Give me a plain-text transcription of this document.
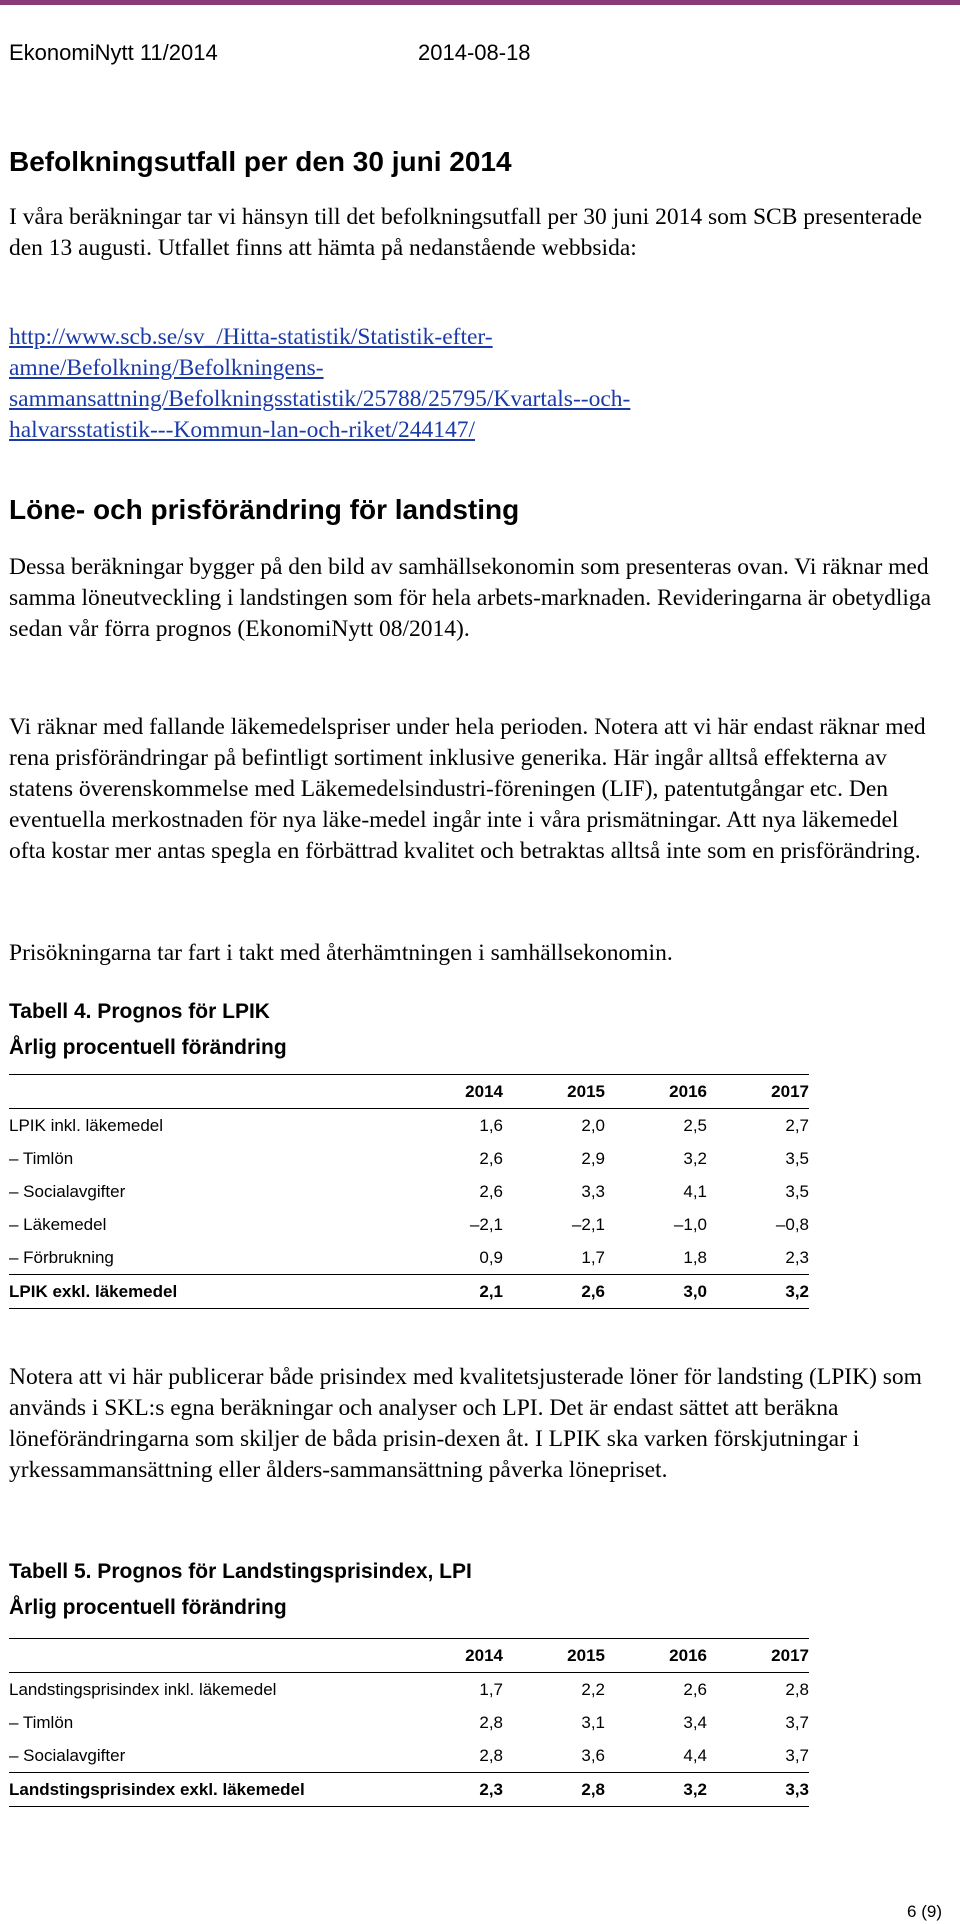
EkonomiNytt 11/2014	2014-08-18
Befolkningsutfall per den 30 juni 2014

I våra beräkningar tar vi hänsyn till det befolkningsutfall per 30 juni 2014 som SCB presenterade den 13 augusti. Utfallet finns att hämta på nedanstående webbsida:

http://www.scb.se/sv_/Hitta-statistik/Statistik-efter-
amne/Befolkning/Befolkningens-
sammansattning/Befolkningsstatistik/25788/25795/Kvartals--och-
halvarsstatistik---Kommun-lan-och-riket/244147/
Löne- och prisförändring för landsting

Dessa beräkningar bygger på den bild av samhällsekonomin som presenteras ovan. Vi räknar med samma löneutveckling i landstingen som för hela arbets-marknaden. Revideringarna är obetydliga sedan vår förra prognos (EkonomiNytt 08/2014).

Vi räknar med fallande läkemedelspriser under hela perioden. Notera att vi här endast räknar med rena prisförändringar på befintligt sortiment inklusive generika. Här ingår alltså effekterna av statens överenskommelse med Läkemedelsindustri-föreningen (LIF), patentutgångar etc. Den eventuella merkostnaden för nya läke-medel ingår inte i våra prismätningar. Att nya läkemedel ofta kostar mer antas spegla en förbättrad kvalitet och betraktas alltså inte som en prisförändring.

Prisökningarna tar fart i takt med återhämtningen i samhällsekonomin.

Tabell 4. Prognos för LPIK
Årlig procentuell förändring
	2014	2015	2016	2017
LPIK inkl. läkemedel	1,6	2,0	2,5	2,7
– Timlön	2,6	2,9	3,2	3,5
– Socialavgifter	2,6	3,3	4,1	3,5
– Läkemedel	–2,1	–2,1	–1,0	–0,8
– Förbrukning	0,9	1,7	1,8	2,3
LPIK exkl. läkemedel	2,1	2,6	3,0	3,2

Notera att vi här publicerar både prisindex med kvalitetsjusterade löner för landsting (LPIK) som används i SKL:s egna beräkningar och analyser och LPI. Det är endast sättet att beräkna löneförändringarna som skiljer de båda prisin-dexen åt. I LPIK ska varken förskjutningar i yrkessammansättning eller ålders-sammansättning påverka lönepriset.

Tabell 5. Prognos för Landstingsprisindex, LPI
Årlig procentuell förändring
	2014	2015	2016	2017
Landstingsprisindex inkl. läkemedel	1,7	2,2	2,6	2,8
– Timlön	2,8	3,1	3,4	3,7
– Socialavgifter	2,8	3,6	4,4	3,7
Landstingsprisindex exkl. läkemedel	2,3	2,8	3,2	3,3
6 (9)
